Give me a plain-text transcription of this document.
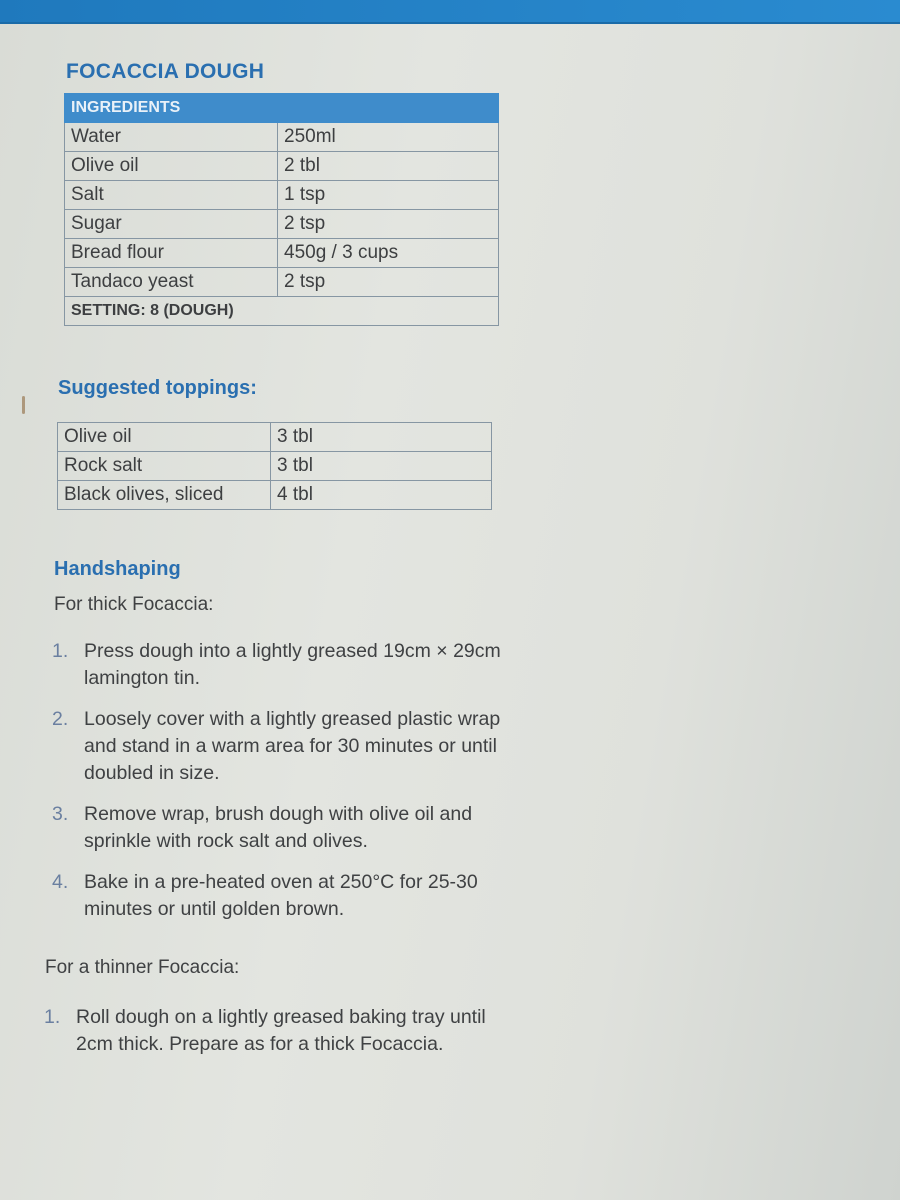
FOCACCIA DOUGH
INGREDIENTS	
Water	250ml
Olive oil	2 tbl
Salt	1 tsp
Sugar	2 tsp
Bread flour	450g / 3 cups
Tandaco yeast	2 tsp
SETTING: 8 (DOUGH)	
Suggested toppings:
Olive oil	3 tbl
Rock salt	3 tbl
Black olives, sliced	4 tbl
Handshaping
For thick Focaccia:
1. Press dough into a lightly greased 19cm × 29cm lamington tin.
2. Loosely cover with a lightly greased plastic wrap and stand in a warm area for 30 minutes or until doubled in size.
3. Remove wrap, brush dough with olive oil and sprinkle with rock salt and olives.
4. Bake in a pre-heated oven at 250°C for 25-30 minutes or until golden brown.
For a thinner Focaccia:
1. Roll dough on a lightly greased baking tray until 2cm thick. Prepare as for a thick Focaccia.
